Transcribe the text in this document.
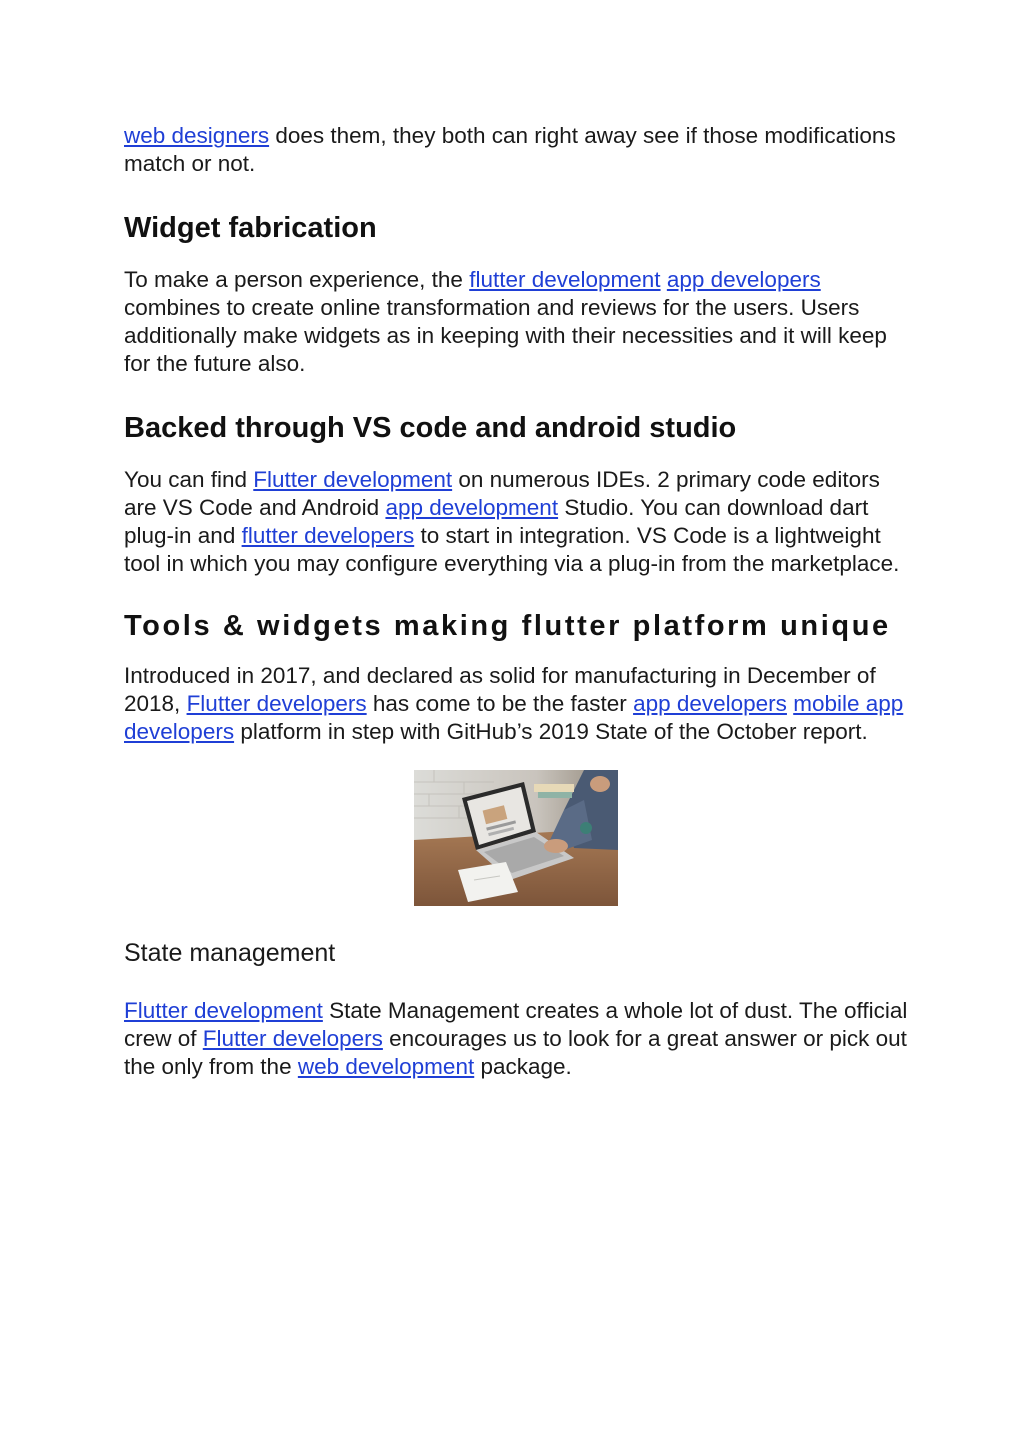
web designers does them, they both can right away see if those modifications match or not.

Widget fabrication

To make a person experience, the flutter development app developers combines to create online transformation and reviews for the users. Users additionally make widgets as in keeping with their necessities and it will keep for the future also.

Backed through VS code and android studio

You can find Flutter development on numerous IDEs. 2 primary code editors are VS Code and Android app development Studio. You can download dart plug-in and flutter developers to start in integration. VS Code is a lightweight tool in which you may configure everything via a plug-in from the marketplace.

Tools & widgets making flutter platform unique

Introduced in 2017, and declared as solid for manufacturing in December of 2018, Flutter developers has come to be the faster app developers mobile app developers platform in step with GitHub’s 2019 State of the October report.

State management

Flutter development State Management creates a whole lot of dust. The official crew of Flutter developers encourages us to look for a great answer or pick out the only from the web development package.
